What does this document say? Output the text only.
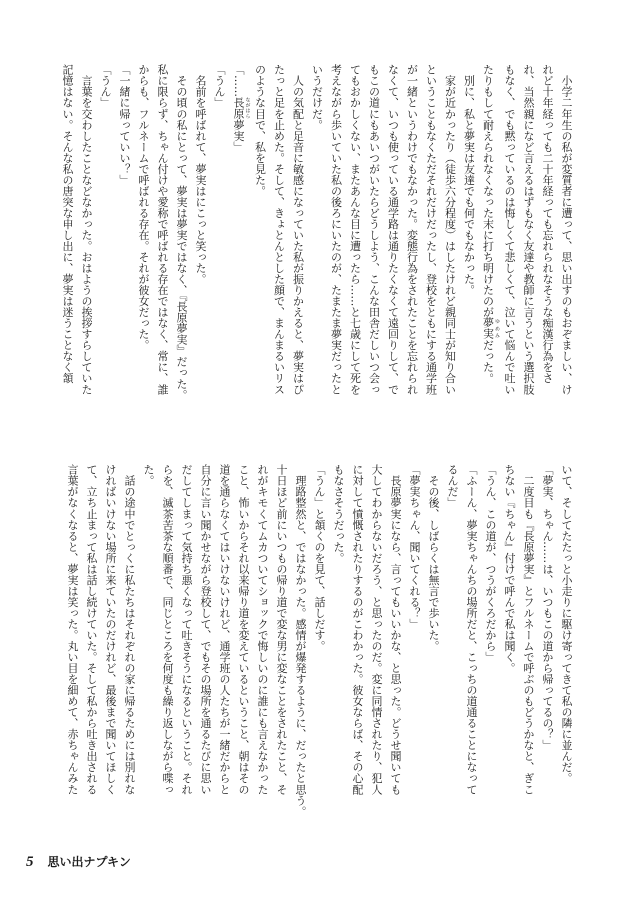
　小学二年生の私が変質者に遭って、思い出すのもおぞましい、け
れど十年経っても二十年経っても忘れられなそうな痴漢行為をさ
れ、当然親になど言えるはずもなく友達や教師に言うという選択肢
もなく、でも黙っているのは悔しくて悲しくて、泣いて悩んで吐い
たりもして耐えられなくなった末に打ち明けたのが夢実 ゆめみだった。
　別に、私と夢実は友達でも何でもなかった。
　家が近かったり（徒歩六分程度）はしたけれど親同士が知り合い
ということもなくただそれだけだったし、登校をともにする通学班
が一緒というわけでもなかった。変態行為をされたことを忘れられ
なくて、いつも使っている通学路は通りたくなくて遠回りして、で
もこの道にもあいつがいたらどうしよう、こんな田舎だしいつ会っ
てもおかしくない、またあんな目に遭ったら……と七歳にして死を
考えながら歩いていた私の後ろにいたのが、たまたま夢実だったと
いうだけだ。
　人の気配と足音に敏感になっていた私が振りかえると、夢実はぴ
たっと足を止めた。そして、きょとんとした顔で、まんまるいリス
のような目で、私を見た。
「……長原 ながはら夢実」
「うん」
　名前を呼ばれて、夢実はにこっと笑った。
　その頃の私にとって、夢実は夢実ではなく、『長原夢実』だった。
私に限らず、ちゃん付けや愛称で呼ばれる存在ではなく、常に、誰
からも、フルネームで呼ばれる存在。それが彼女だった。
「一緒に帰っていい？」
「うん」
　言葉を交わしたことなどなかった。おはようの挨拶すらしていた
記憶はない。そんな私の唐突な申し出に、夢実は迷うことなく頷
いて、そしてたたっと小走りに駆け寄ってきて私の隣に並んだ。
「夢実、ちゃん……は、いつもこの道から帰ってるの？」
　二度目も『長原夢実』とフルネームで呼ぶのもどうかなと、ぎこ
ちない『ちゃん』付けで呼んで私は聞く。
「うん、この道が、つうがくろだから」
「ふーん、夢実ちゃんちの場所だと、こっちの道通ることになって
るんだ」
　その後、しばらくは無言で歩いた。
「夢実ちゃん、聞いてくれる？」
　長原夢実になら、言ってもいいかな、と思った。どうせ聞いても
大してわからないだろう、と思ったのだ。変に同情されたり、犯人
に対して憤慨されたりするのがこわかった。彼女ならば、その心配
もなさそうだった。
「うん」と頷くのを見て、話しだす。
　理路整然と、ではなかった。感情が爆発するように、だったと思う。
十日ほど前にいつもの帰り道で変な男に変なことをされたこと、そ
れがキモくてムカついてショックで悔しいのに誰にも言えなかった
こと、怖いからそれ以来帰り道を変えているということ、朝はその
道を通らなくてはいけないけれど、通学班の人たちが一緒だからと
自分に言い聞かせながら登校して、でもその場所を通るたびに思い
だしてしまって気持ち悪くなって吐きそうになるということ。それ
らを、滅茶苦茶な順番で、同じところを何度も繰り返しながら喋っ
た。
　話の途中でとっくに私たちはそれぞれの家に帰るためには別れな
ければいけない場所に来ていたのだけれど、最後まで聞いてほしく
て、立ち止まって私は話し続けていた。そして私から吐き出される
言葉がなくなると、夢実は笑った。丸い目を細めて、赤ちゃんみた
5 思い出ナプキン
